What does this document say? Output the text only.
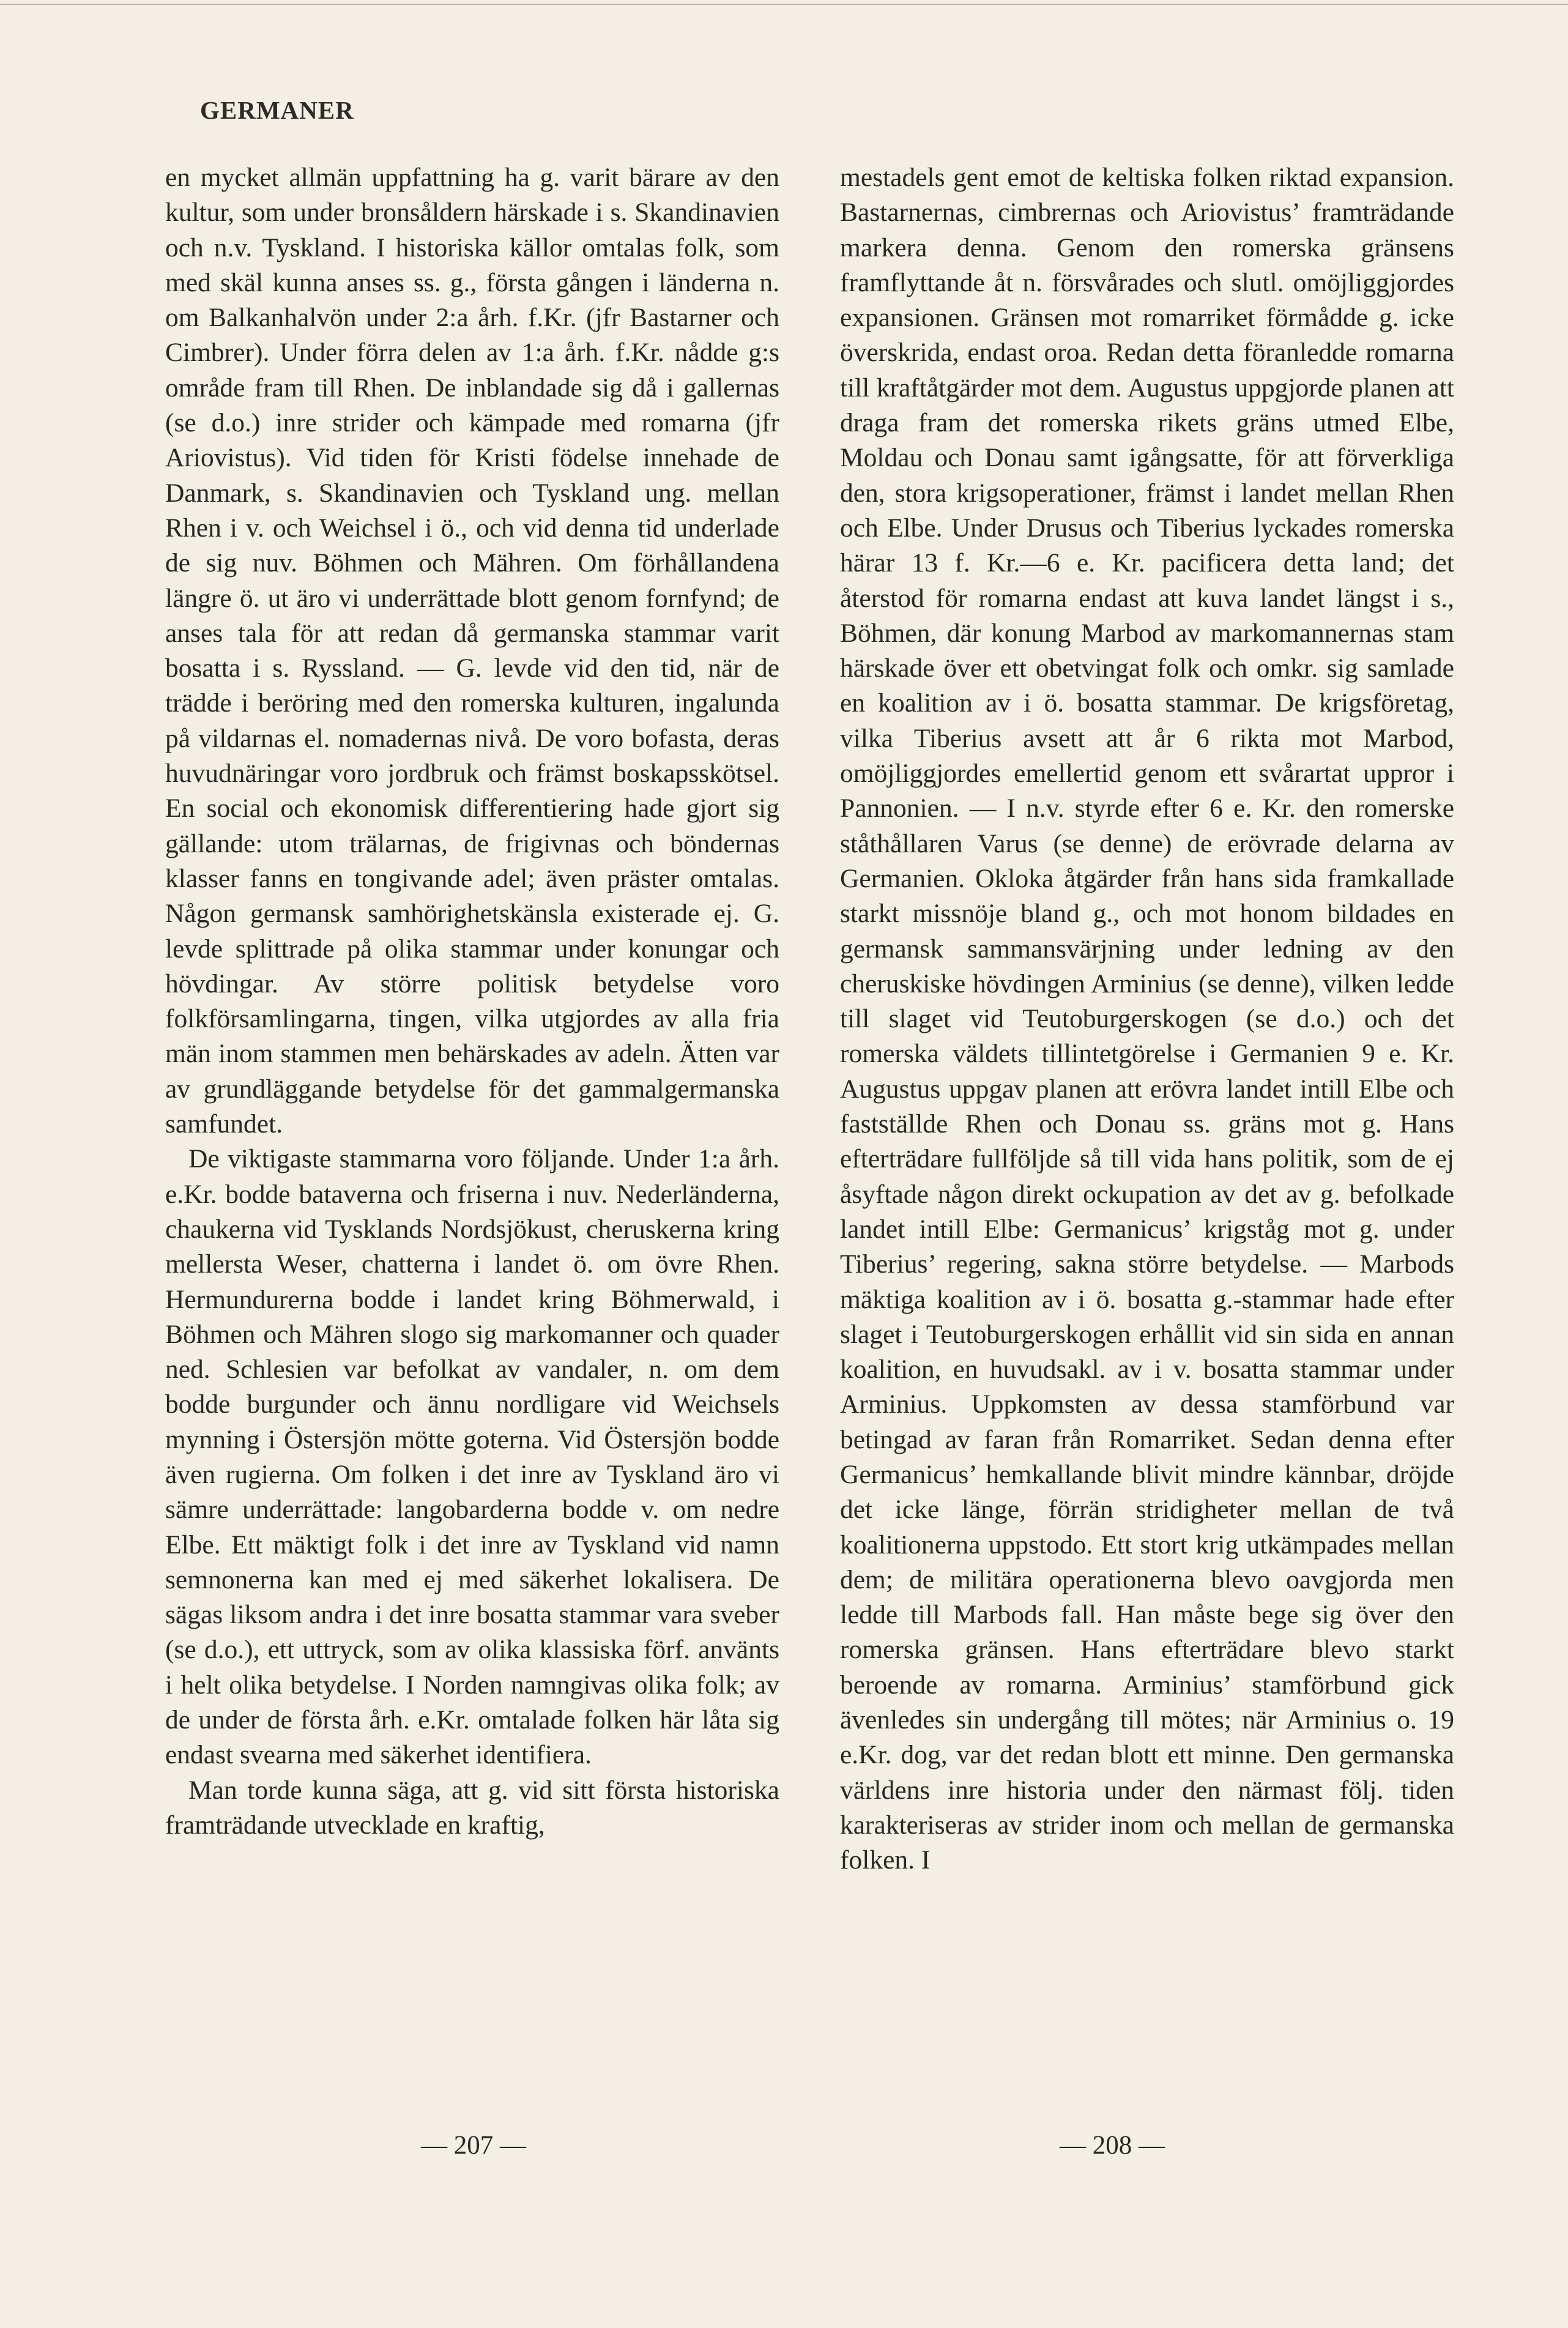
GERMANER

en mycket allmän uppfattning ha g. varit bärare av den kultur, som under bronsåldern härskade i s. Skandinavien och n.v. Tyskland. I historiska källor omtalas folk, som med skäl kunna anses ss. g., första gången i länderna n. om Balkanhalvön under 2:a årh. f.Kr. (jfr Bastarner och Cimbrer). Under förra delen av 1:a årh. f.Kr. nådde g:s område fram till Rhen. De inblandade sig då i gallernas (se d.o.) inre strider och kämpade med romarna (jfr Ariovistus). Vid tiden för Kristi födelse innehade de Danmark, s. Skandinavien och Tyskland ung. mellan Rhen i v. och Weichsel i ö., och vid denna tid underlade de sig nuv. Böhmen och Mähren. Om förhållandena längre ö. ut äro vi underrättade blott genom fornfynd; de anses tala för att redan då germanska stammar varit bosatta i s. Ryssland. — G. levde vid den tid, när de trädde i beröring med den romerska kulturen, ingalunda på vildarnas el. nomadernas nivå. De voro bofasta, deras huvudnäringar voro jordbruk och främst boskapsskötsel. En social och ekonomisk differentiering hade gjort sig gällande: utom trälarnas, de frigivnas och böndernas klasser fanns en tongivande adel; även präster omtalas. Någon germansk samhörighetskänsla existerade ej. G. levde splittrade på olika stammar under konungar och hövdingar. Av större politisk betydelse voro folkförsamlingarna, tingen, vilka utgjordes av alla fria män inom stammen men behärskades av adeln. Ätten var av grundläggande betydelse för det gammalgermanska samfundet.

De viktigaste stammarna voro följande. Under 1:a årh. e.Kr. bodde bataverna och friserna i nuv. Nederländerna, chaukerna vid Tysklands Nordsjökust, cheruskerna kring mellersta Weser, chatterna i landet ö. om övre Rhen. Hermundurerna bodde i landet kring Böhmerwald, i Böhmen och Mähren slogo sig markomanner och quader ned. Schlesien var befolkat av vandaler, n. om dem bodde burgunder och ännu nordligare vid Weichsels mynning i Östersjön mötte goterna. Vid Östersjön bodde även rugierna. Om folken i det inre av Tyskland äro vi sämre underrättade: langobarderna bodde v. om nedre Elbe. Ett mäktigt folk i det inre av Tyskland vid namn semnonerna kan med ej med säkerhet lokalisera. De sägas liksom andra i det inre bosatta stammar vara sveber (se d.o.), ett uttryck, som av olika klassiska förf. använts i helt olika betydelse. I Norden namngivas olika folk; av de under de första årh. e.Kr. omtalade folken här låta sig endast svearna med säkerhet identifiera.

Man torde kunna säga, att g. vid sitt första historiska framträdande utvecklade en kraftig,

mestadels gent emot de keltiska folken riktad expansion. Bastarnernas, cimbrernas och Ariovistus’ framträdande markera denna. Genom den romerska gränsens framflyttande åt n. försvårades och slutl. omöjliggjordes expansionen. Gränsen mot romarriket förmådde g. icke överskrida, endast oroa. Redan detta föranledde romarna till kraftåtgärder mot dem. Augustus uppgjorde planen att draga fram det romerska rikets gräns utmed Elbe, Moldau och Donau samt igångsatte, för att förverkliga den, stora krigsoperationer, främst i landet mellan Rhen och Elbe. Under Drusus och Tiberius lyckades romerska härar 13 f. Kr.—6 e. Kr. pacificera detta land; det återstod för romarna endast att kuva landet längst i s., Böhmen, där konung Marbod av markomannernas stam härskade över ett obetvingat folk och omkr. sig samlade en koalition av i ö. bosatta stammar. De krigsföretag, vilka Tiberius avsett att år 6 rikta mot Marbod, omöjliggjordes emellertid genom ett svårartat uppror i Pannonien. — I n.v. styrde efter 6 e. Kr. den romerske ståthållaren Varus (se denne) de erövrade delarna av Germanien. Okloka åtgärder från hans sida framkallade starkt missnöje bland g., och mot honom bildades en germansk sammansvärjning under ledning av den cheruskiske hövdingen Arminius (se denne), vilken ledde till slaget vid Teutoburgerskogen (se d.o.) och det romerska väldets tillintetgörelse i Germanien 9 e. Kr. Augustus uppgav planen att erövra landet intill Elbe och fastställde Rhen och Donau ss. gräns mot g. Hans efterträdare fullföljde så till vida hans politik, som de ej åsyftade någon direkt ockupation av det av g. befolkade landet intill Elbe: Germanicus’ krigståg mot g. under Tiberius’ regering, sakna större betydelse. — Marbods mäktiga koalition av i ö. bosatta g.-stammar hade efter slaget i Teutoburgerskogen erhållit vid sin sida en annan koalition, en huvudsakl. av i v. bosatta stammar under Arminius. Uppkomsten av dessa stamförbund var betingad av faran från Romarriket. Sedan denna efter Germanicus’ hemkallande blivit mindre kännbar, dröjde det icke länge, förrän stridigheter mellan de två koalitionerna uppstodo. Ett stort krig utkämpades mellan dem; de militära operationerna blevo oavgjorda men ledde till Marbods fall. Han måste bege sig över den romerska gränsen. Hans efterträdare blevo starkt beroende av romarna. Arminius’ stamförbund gick ävenledes sin undergång till mötes; när Arminius o. 19 e.Kr. dog, var det redan blott ett minne. Den germanska världens inre historia under den närmast följ. tiden karakteriseras av strider inom och mellan de germanska folken. I

— 207 —	— 208 —
